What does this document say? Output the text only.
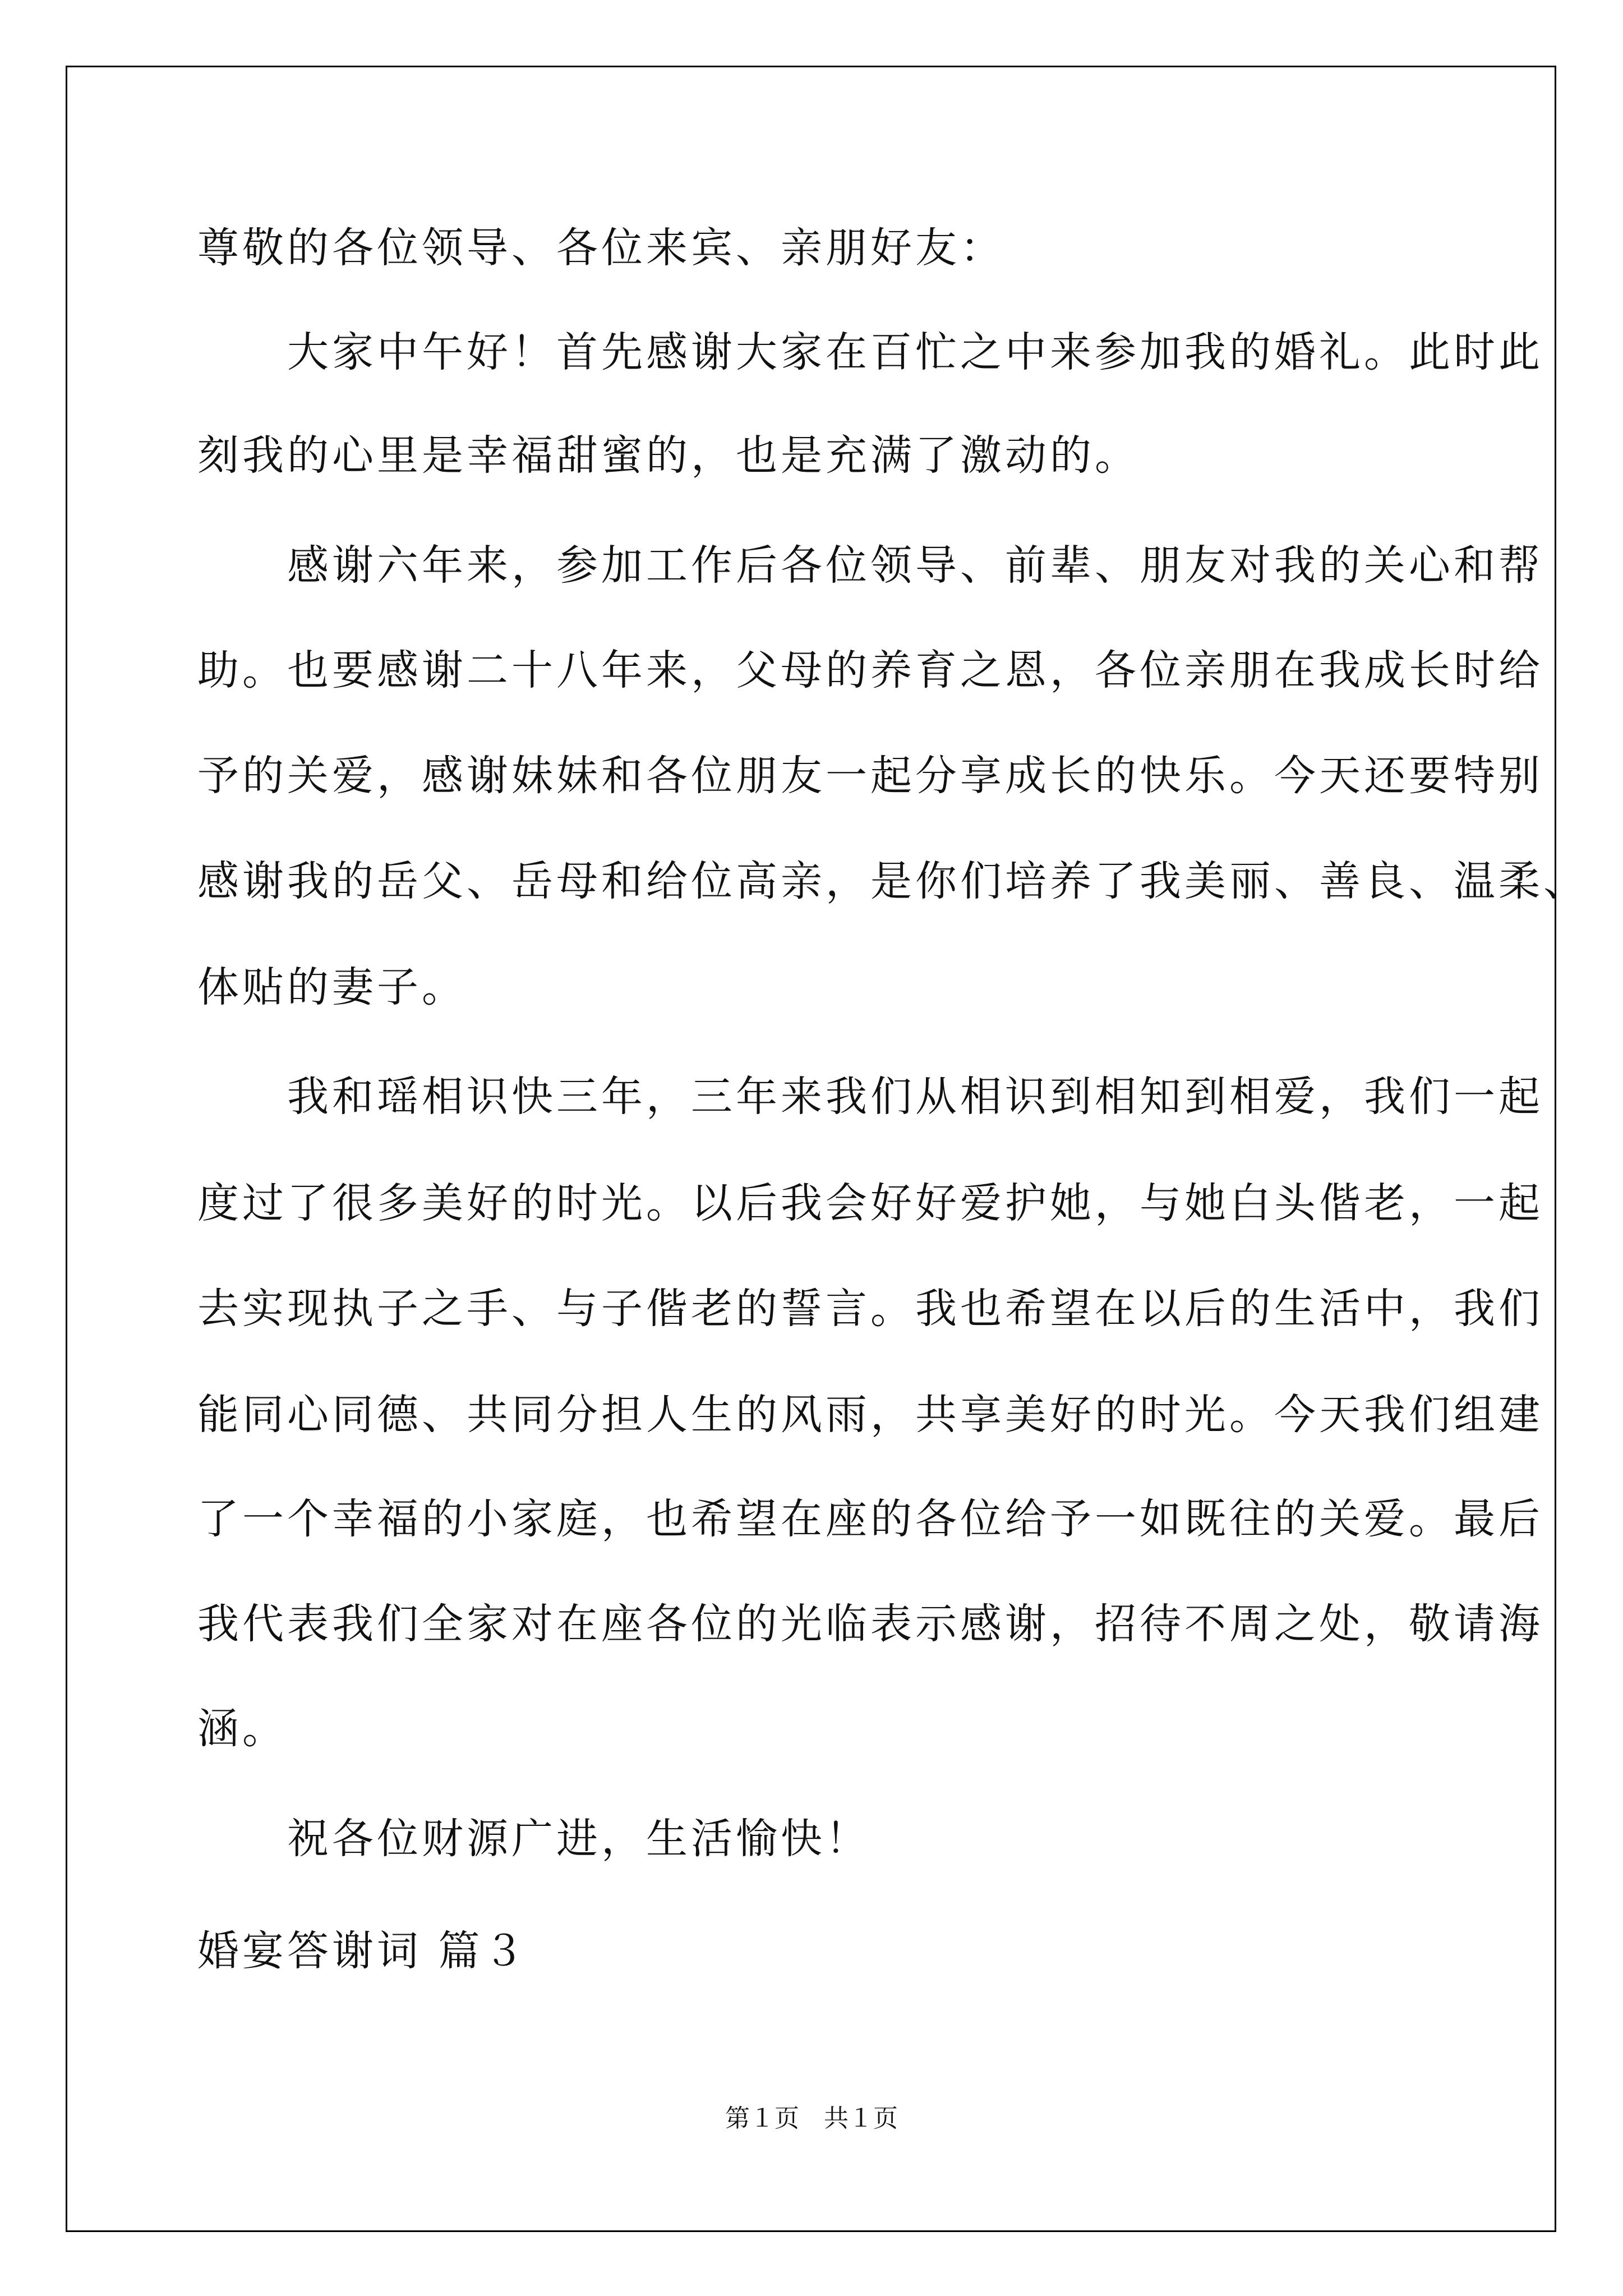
尊敬的各位领导、各位来宾、亲朋好友：

　　大家中午好！首先感谢大家在百忙之中来参加我的婚礼。此时此

刻我的心里是幸福甜蜜的，也是充满了激动的。

　　感谢六年来，参加工作后各位领导、前辈、朋友对我的关心和帮

助。也要感谢二十八年来，父母的养育之恩，各位亲朋在我成长时给

予的关爱，感谢妹妹和各位朋友一起分享成长的快乐。今天还要特别

感谢我的岳父、岳母和给位高亲，是你们培养了我美丽、善良、温柔、

体贴的妻子。

　　我和瑶相识快三年，三年来我们从相识到相知到相爱，我们一起

度过了很多美好的时光。以后我会好好爱护她，与她白头偕老，一起

去实现执子之手、与子偕老的誓言。我也希望在以后的生活中，我们

能同心同德、共同分担人生的风雨，共享美好的时光。今天我们组建

了一个幸福的小家庭，也希望在座的各位给予一如既往的关爱。最后

我代表我们全家对在座各位的光临表示感谢，招待不周之处，敬请海

涵。

　　祝各位财源广进，生活愉快！

婚宴答谢词 篇３

第１页　共１页
